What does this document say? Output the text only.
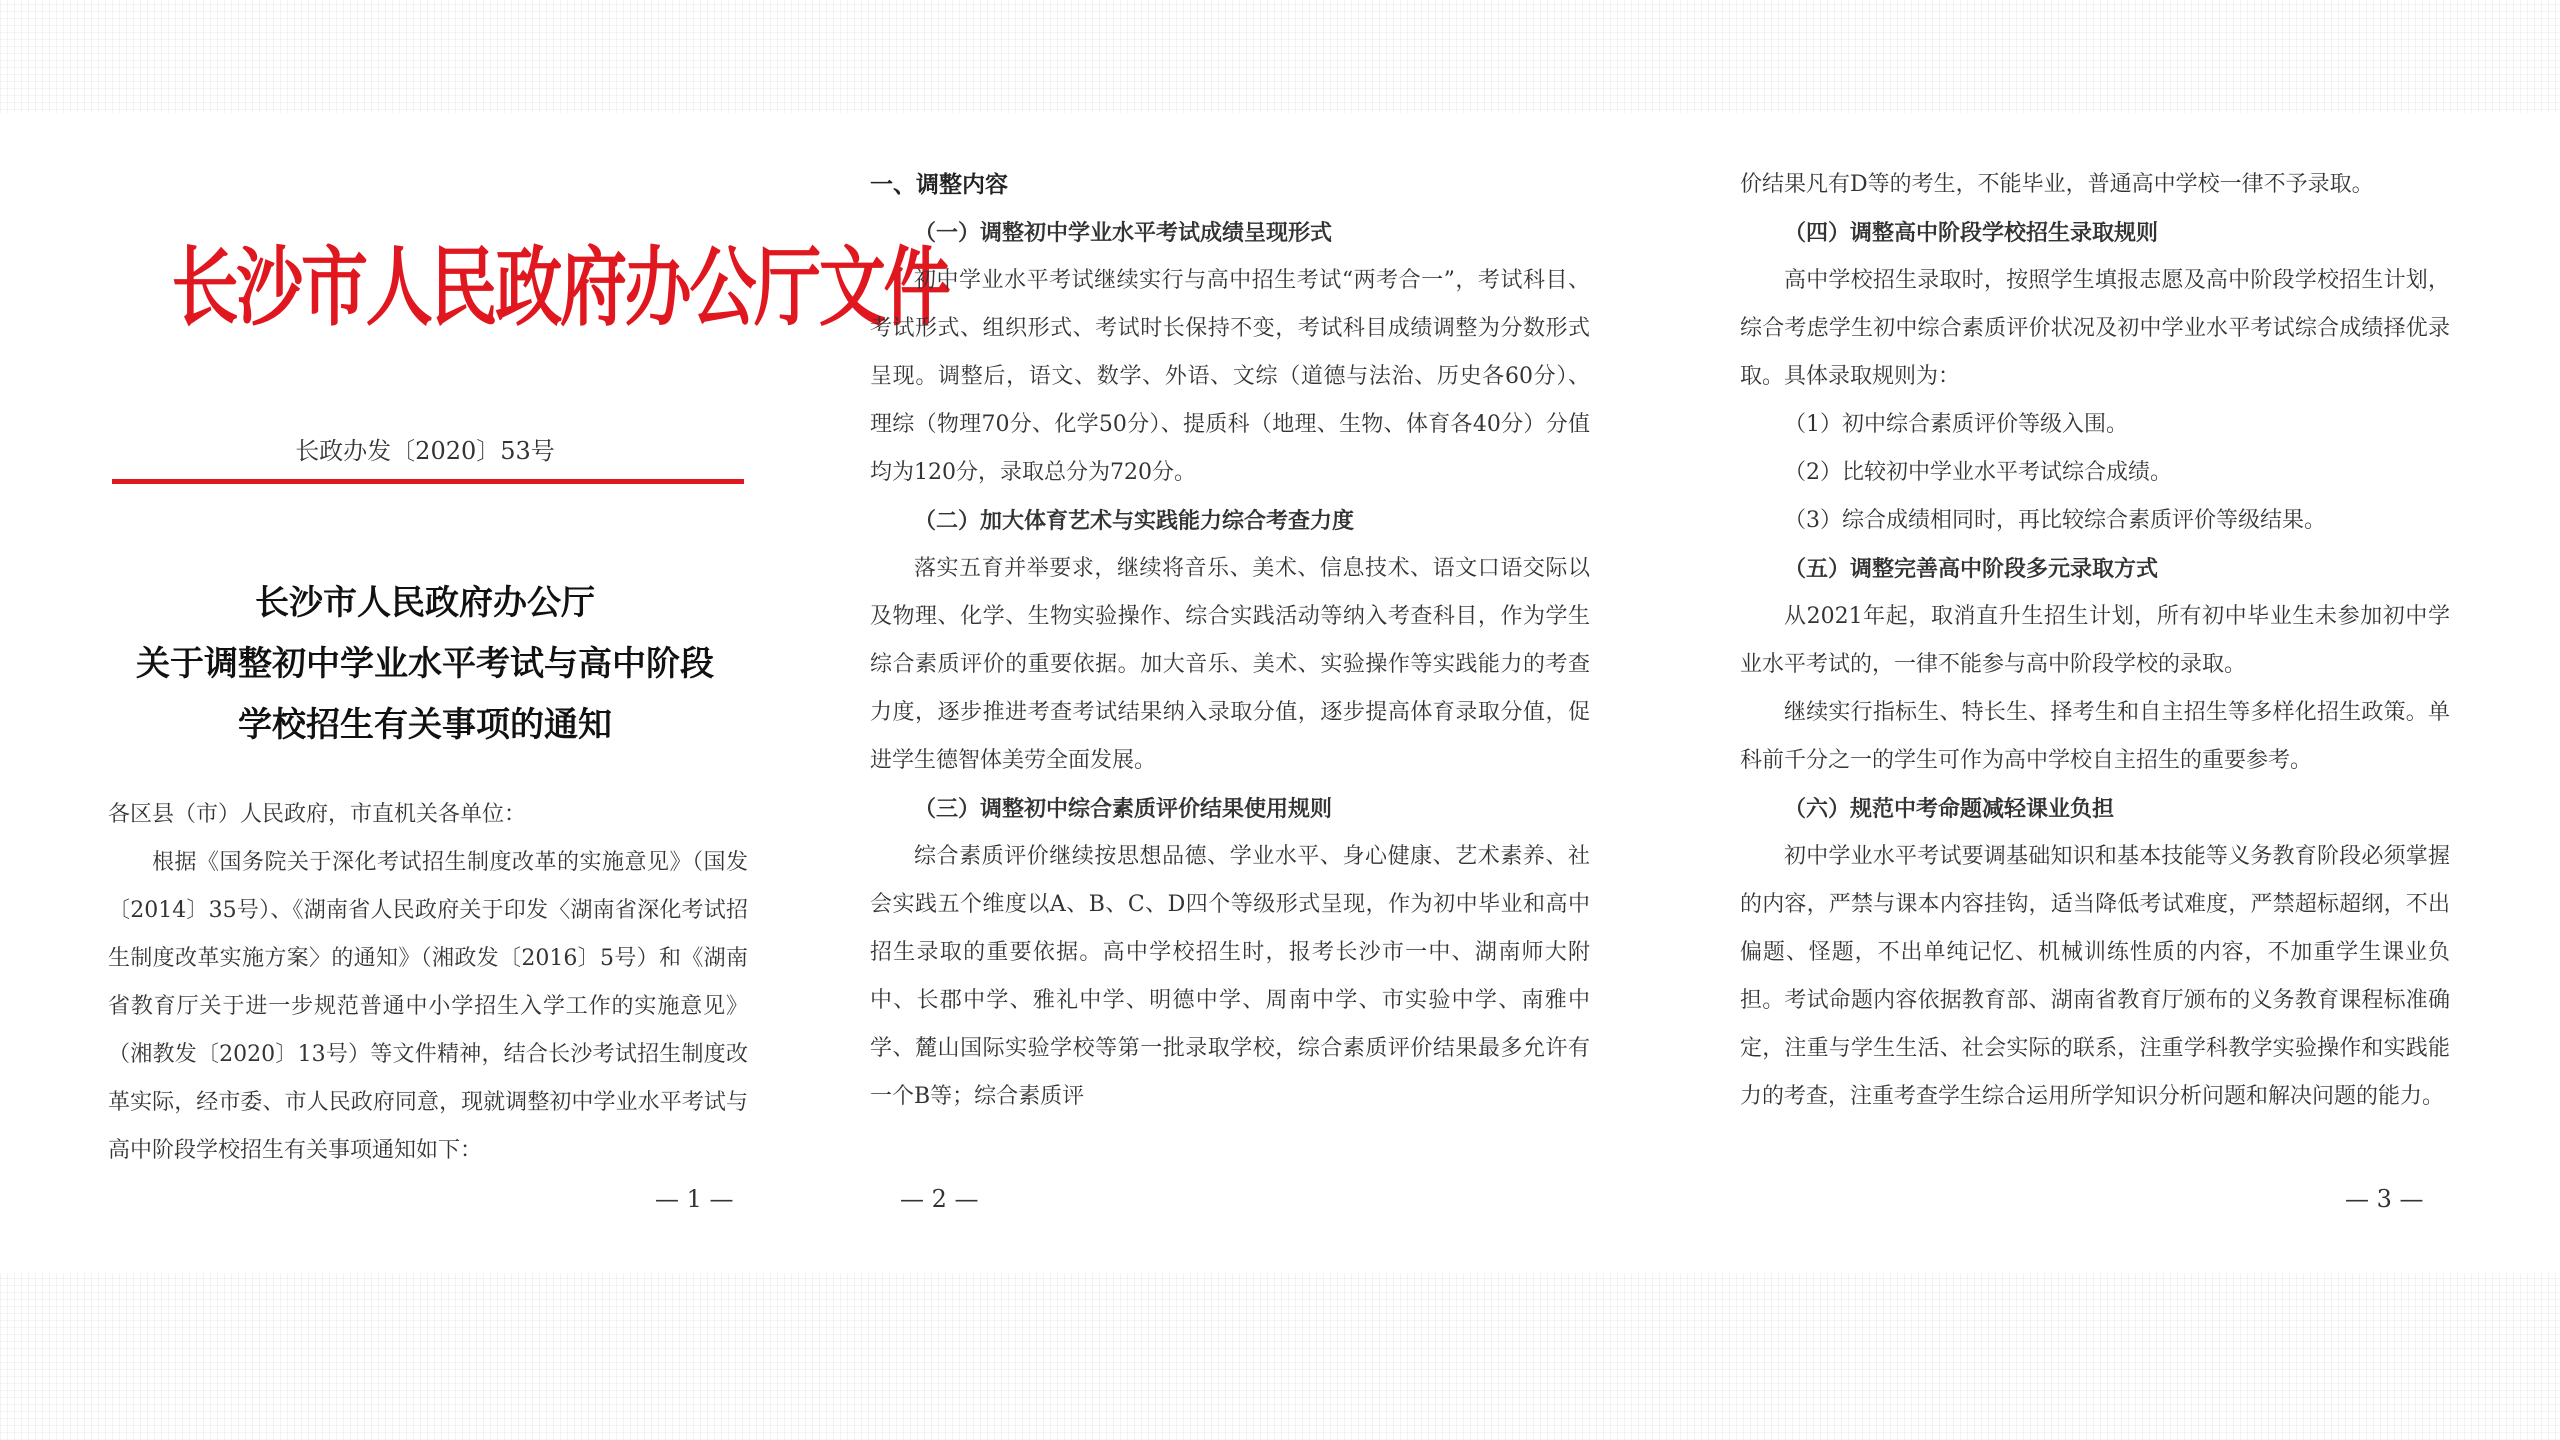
长沙市人民政府办公厅文件
长政办发〔2020〕53号
长沙市人民政府办公厅
关于调整初中学业水平考试与高中阶段
学校招生有关事项的通知

各区县（市）人民政府，市直机关各单位：

根据《国务院关于深化考试招生制度改革的实施意见》（国发〔2014〕35号）、《湖南省人民政府关于印发〈湖南省深化考试招生制度改革实施方案〉的通知》（湘政发〔2016〕5号）和《湖南省教育厅关于进一步规范普通中小学招生入学工作的实施意见》（湘教发〔2020〕13号）等文件精神，结合长沙考试招生制度改革实际，经市委、市人民政府同意，现就调整初中学业水平考试与高中阶段学校招生有关事项通知如下：

— 1 —

一、调整内容

（一）调整初中学业水平考试成绩呈现形式

初中学业水平考试继续实行与高中招生考试“两考合一”，考试科目、考试形式、组织形式、考试时长保持不变，考试科目成绩调整为分数形式呈现。调整后，语文、数学、外语、文综（道德与法治、历史各60分）、理综（物理70分、化学50分）、提质科（地理、生物、体育各40分）分值均为120分，录取总分为720分。

（二）加大体育艺术与实践能力综合考查力度

落实五育并举要求，继续将音乐、美术、信息技术、语文口语交际以及物理、化学、生物实验操作、综合实践活动等纳入考查科目，作为学生综合素质评价的重要依据。加大音乐、美术、实验操作等实践能力的考查力度，逐步推进考查考试结果纳入录取分值，逐步提高体育录取分值，促进学生德智体美劳全面发展。

（三）调整初中综合素质评价结果使用规则

综合素质评价继续按思想品德、学业水平、身心健康、艺术素养、社会实践五个维度以A、B、C、D四个等级形式呈现，作为初中毕业和高中招生录取的重要依据。高中学校招生时，报考长沙市一中、湖南师大附中、长郡中学、雅礼中学、明德中学、周南中学、市实验中学、南雅中学、麓山国际实验学校等第一批录取学校，综合素质评价结果最多允许有一个B等；综合素质评

— 2 —

价结果凡有D等的考生，不能毕业，普通高中学校一律不予录取。

（四）调整高中阶段学校招生录取规则

高中学校招生录取时，按照学生填报志愿及高中阶段学校招生计划，综合考虑学生初中综合素质评价状况及初中学业水平考试综合成绩择优录取。具体录取规则为：

（1）初中综合素质评价等级入围。

（2）比较初中学业水平考试综合成绩。

（3）综合成绩相同时，再比较综合素质评价等级结果。

（五）调整完善高中阶段多元录取方式

从2021年起，取消直升生招生计划，所有初中毕业生未参加初中学业水平考试的，一律不能参与高中阶段学校的录取。

继续实行指标生、特长生、择考生和自主招生等多样化招生政策。单科前千分之一的学生可作为高中学校自主招生的重要参考。

（六）规范中考命题减轻课业负担

初中学业水平考试要调基础知识和基本技能等义务教育阶段必须掌握的内容，严禁与课本内容挂钩，适当降低考试难度，严禁超标超纲，不出偏题、怪题，不出单纯记忆、机械训练性质的内容，不加重学生课业负担。考试命题内容依据教育部、湖南省教育厅颁布的义务教育课程标准确定，注重与学生生活、社会实际的联系，注重学科教学实验操作和实践能力的考查，注重考查学生综合运用所学知识分析问题和解决问题的能力。

— 3 —
